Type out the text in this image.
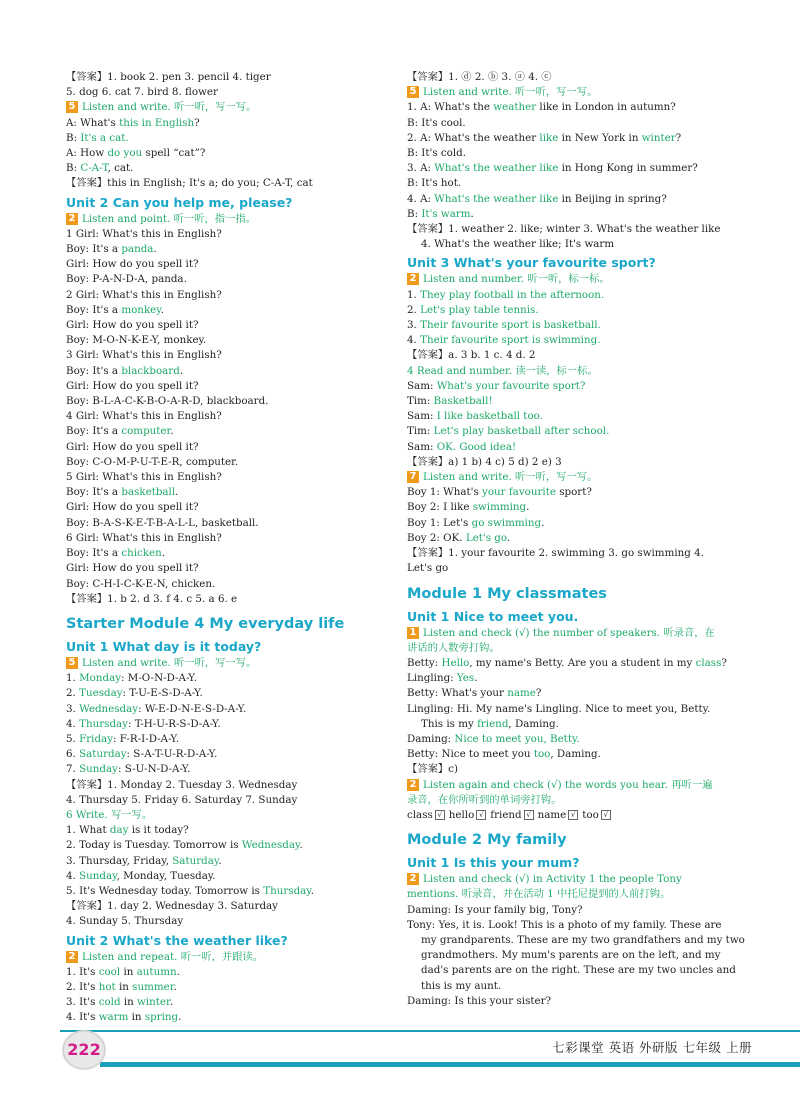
【答案】1. book 2. pen 3. pencil 4. tiger
5. dog 6. cat 7. bird 8. flower
5 Listen and write. 听一听，写一写。
A: What's this in English?
B: It's a cat.
A: How do you spell “cat”?
B: C-A-T, cat.
【答案】this in English; It's a; do you; C-A-T, cat
Unit 2 Can you help me, please?
2 Listen and point. 听一听，指一指。
1 Girl: What's this in English?
Boy: It's a panda.
Girl: How do you spell it?
Boy: P-A-N-D-A, panda.
2 Girl: What's this in English?
Boy: It's a monkey.
Girl: How do you spell it?
Boy: M-O-N-K-E-Y, monkey.
3 Girl: What's this in English?
Boy: It's a blackboard.
Girl: How do you spell it?
Boy: B-L-A-C-K-B-O-A-R-D, blackboard.
4 Girl: What's this in English?
Boy: It's a computer.
Girl: How do you spell it?
Boy: C-O-M-P-U-T-E-R, computer.
5 Girl: What's this in English?
Boy: It's a basketball.
Girl: How do you spell it?
Boy: B-A-S-K-E-T-B-A-L-L, basketball.
6 Girl: What's this in English?
Boy: It's a chicken.
Girl: How do you spell it?
Boy: C-H-I-C-K-E-N, chicken.
【答案】1. b 2. d 3. f 4. c 5. a 6. e
Starter Module 4 My everyday life
Unit 1 What day is it today?
5 Listen and write. 听一听，写一写。
1. Monday: M-O-N-D-A-Y.
2. Tuesday: T-U-E-S-D-A-Y.
3. Wednesday: W-E-D-N-E-S-D-A-Y.
4. Thursday: T-H-U-R-S-D-A-Y.
5. Friday: F-R-I-D-A-Y.
6. Saturday: S-A-T-U-R-D-A-Y.
7. Sunday: S-U-N-D-A-Y.
【答案】1. Monday 2. Tuesday 3. Wednesday
4. Thursday 5. Friday 6. Saturday 7. Sunday
6 Write. 写一写。
1. What day is it today?
2. Today is Tuesday. Tomorrow is Wednesday.
3. Thursday, Friday, Saturday.
4. Sunday, Monday, Tuesday.
5. It's Wednesday today. Tomorrow is Thursday.
【答案】1. day 2. Wednesday 3. Saturday
4. Sunday 5. Thursday
Unit 2 What's the weather like?
2 Listen and repeat. 听一听，并跟读。
1. It's cool in autumn.
2. It's hot in summer.
3. It's cold in winter.
4. It's warm in spring.
【答案】1. ⓓ 2. ⓑ 3. ⓐ 4. ⓒ
5 Listen and write. 听一听，写一写。
1. A: What's the weather like in London in autumn?
B: It's cool.
2. A: What's the weather like in New York in winter?
B: It's cold.
3. A: What's the weather like in Hong Kong in summer?
B: It's hot.
4. A: What's the weather like in Beijing in spring?
B: It's warm.
【答案】1. weather 2. like; winter 3. What's the weather like
4. What's the weather like; It's warm
Unit 3 What's your favourite sport?
2 Listen and number. 听一听，标一标。
1. They play football in the afternoon.
2. Let's play table tennis.
3. Their favourite sport is basketball.
4. Their favourite sport is swimming.
【答案】a. 3 b. 1 c. 4 d. 2
4 Read and number. 读一读，标一标。
Sam: What's your favourite sport?
Tim: Basketball!
Sam: I like basketball too.
Tim: Let's play basketball after school.
Sam: OK. Good idea!
【答案】a) 1 b) 4 c) 5 d) 2 e) 3
7 Listen and write. 听一听，写一写。
Boy 1: What's your favourite sport?
Boy 2: I like swimming.
Boy 1: Let's go swimming.
Boy 2: OK. Let's go.
【答案】1. your favourite 2. swimming 3. go swimming 4.
Let's go
Module 1 My classmates
Unit 1 Nice to meet you.
1 Listen and check (√) the number of speakers. 听录音，在
讲话的人数旁打钩。
Betty: Hello, my name's Betty. Are you a student in my class?
Lingling: Yes.
Betty: What's your name?
Lingling: Hi. My name's Lingling. Nice to meet you, Betty.
This is my friend, Daming.
Daming: Nice to meet you, Betty.
Betty: Nice to meet you too, Daming.
【答案】c)
2 Listen again and check (√) the words you hear. 再听一遍
录音，在你所听到的单词旁打钩。
class √ hello √ friend √ name √ too √
Module 2 My family
Unit 1 Is this your mum?
2 Listen and check (√) in Activity 1 the people Tony
mentions. 听录音，并在活动 1 中托尼提到的人前打钩。
Daming: Is your family big, Tony?
Tony: Yes, it is. Look! This is a photo of my family. These are
my grandparents. These are my two grandfathers and my two
grandmothers. My mum's parents are on the left, and my
dad's parents are on the right. These are my two uncles and
this is my aunt.
Daming: Is this your sister?
222	七彩课堂 英语 外研版 七年级 上册
